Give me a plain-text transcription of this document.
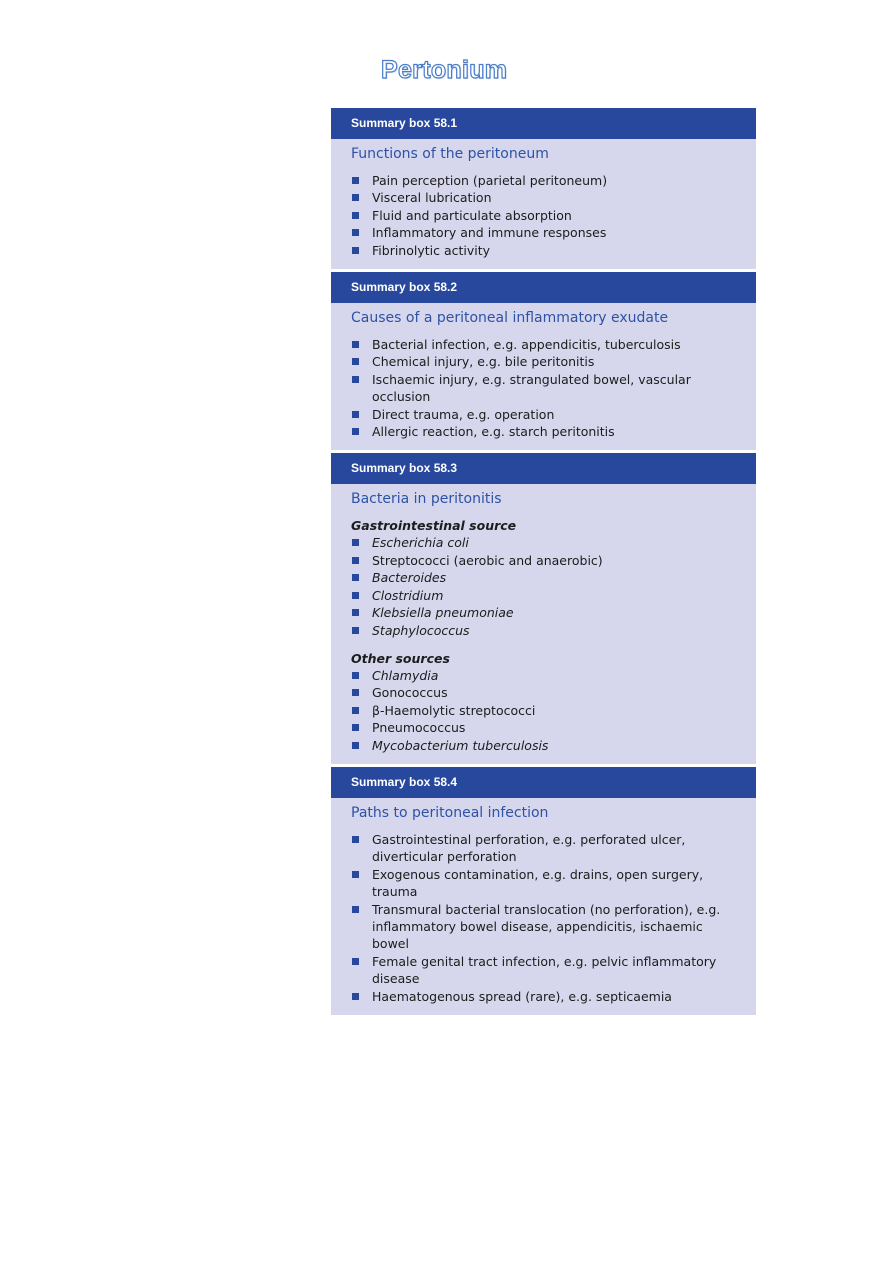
Pertonium
Summary box 58.1
Functions of the peritoneum
Pain perception (parietal peritoneum)
Visceral lubrication
Fluid and particulate absorption
Inflammatory and immune responses
Fibrinolytic activity
Summary box 58.2
Causes of a peritoneal inflammatory exudate
Bacterial infection, e.g. appendicitis, tuberculosis
Chemical injury, e.g. bile peritonitis
Ischaemic injury, e.g. strangulated bowel, vascular occlusion
Direct trauma, e.g. operation
Allergic reaction, e.g. starch peritonitis
Summary box 58.3
Bacteria in peritonitis

Gastrointestinal source

Escherichia coli
Streptococci (aerobic and anaerobic)
Bacteroides
Clostridium
Klebsiella pneumoniae
Staphylococcus

Other sources

Chlamydia
Gonococcus
β-Haemolytic streptococci
Pneumococcus
Mycobacterium tuberculosis
Summary box 58.4
Paths to peritoneal infection
Gastrointestinal perforation, e.g. perforated ulcer, diverticular perforation
Exogenous contamination, e.g. drains, open surgery, trauma
Transmural bacterial translocation (no perforation), e.g. inflammatory bowel disease, appendicitis, ischaemic bowel
Female genital tract infection, e.g. pelvic inflammatory disease
Haematogenous spread (rare), e.g. septicaemia
